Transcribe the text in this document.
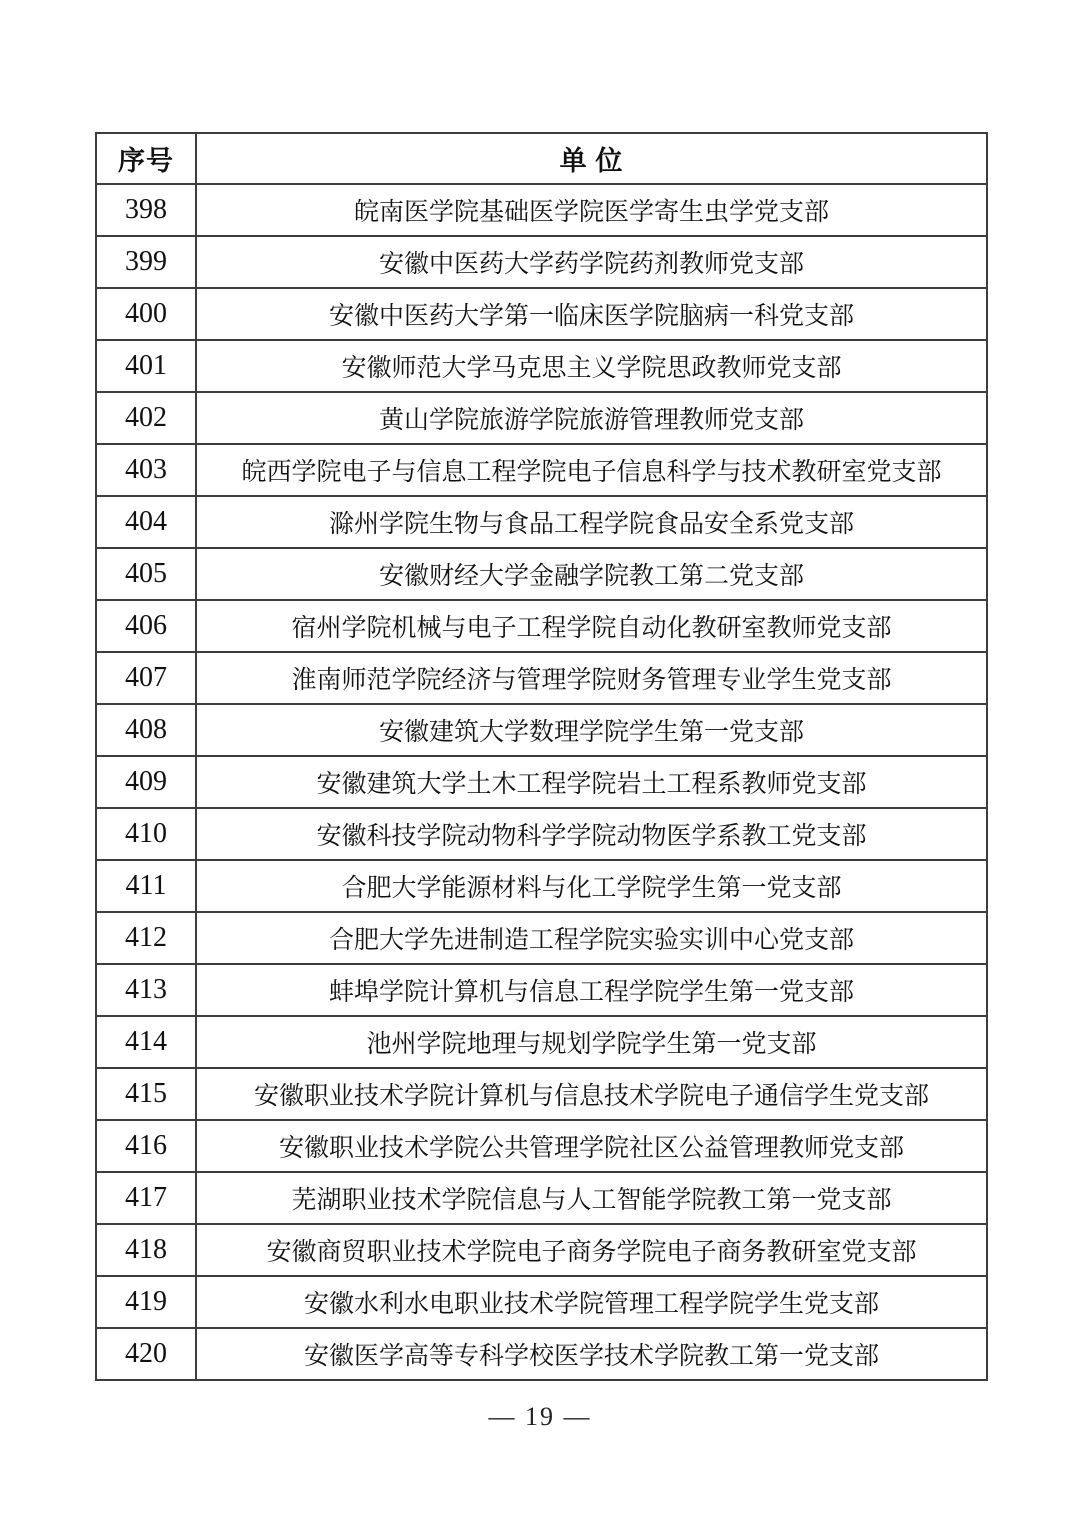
序号	单 位
398	皖南医学院基础医学院医学寄生虫学党支部
399	安徽中医药大学药学院药剂教师党支部
400	安徽中医药大学第一临床医学院脑病一科党支部
401	安徽师范大学马克思主义学院思政教师党支部
402	黄山学院旅游学院旅游管理教师党支部
403	皖西学院电子与信息工程学院电子信息科学与技术教研室党支部
404	滁州学院生物与食品工程学院食品安全系党支部
405	安徽财经大学金融学院教工第二党支部
406	宿州学院机械与电子工程学院自动化教研室教师党支部
407	淮南师范学院经济与管理学院财务管理专业学生党支部
408	安徽建筑大学数理学院学生第一党支部
409	安徽建筑大学土木工程学院岩土工程系教师党支部
410	安徽科技学院动物科学学院动物医学系教工党支部
411	合肥大学能源材料与化工学院学生第一党支部
412	合肥大学先进制造工程学院实验实训中心党支部
413	蚌埠学院计算机与信息工程学院学生第一党支部
414	池州学院地理与规划学院学生第一党支部
415	安徽职业技术学院计算机与信息技术学院电子通信学生党支部
416	安徽职业技术学院公共管理学院社区公益管理教师党支部
417	芜湖职业技术学院信息与人工智能学院教工第一党支部
418	安徽商贸职业技术学院电子商务学院电子商务教研室党支部
419	安徽水利水电职业技术学院管理工程学院学生党支部
420	安徽医学高等专科学校医学技术学院教工第一党支部
— 19 —
